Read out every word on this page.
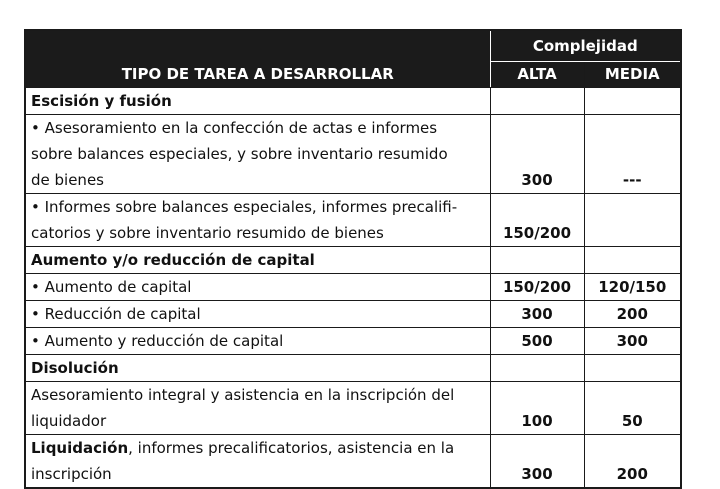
TIPO DE TAREA A DESARROLLAR	Complejidad	
	ALTA	MEDIA
Escisión y fusión		

• Asesoramiento en la confección de actas e informes
sobre balances especiales, y sobre inventario resumido
de bienes	300	---

• Informes sobre balances especiales, informes precalifi-
catorios y sobre inventario resumido de bienes	150/200	
Aumento y/o reducción de capital		
• Aumento de capital	150/200	120/150
• Reducción de capital	300	200
• Aumento y reducción de capital	500	300
Disolución		

Asesoramiento integral y asistencia en la inscripción del
liquidador	100	50

Liquidación, informes precalificatorios, asistencia en la
inscripción	300	200
